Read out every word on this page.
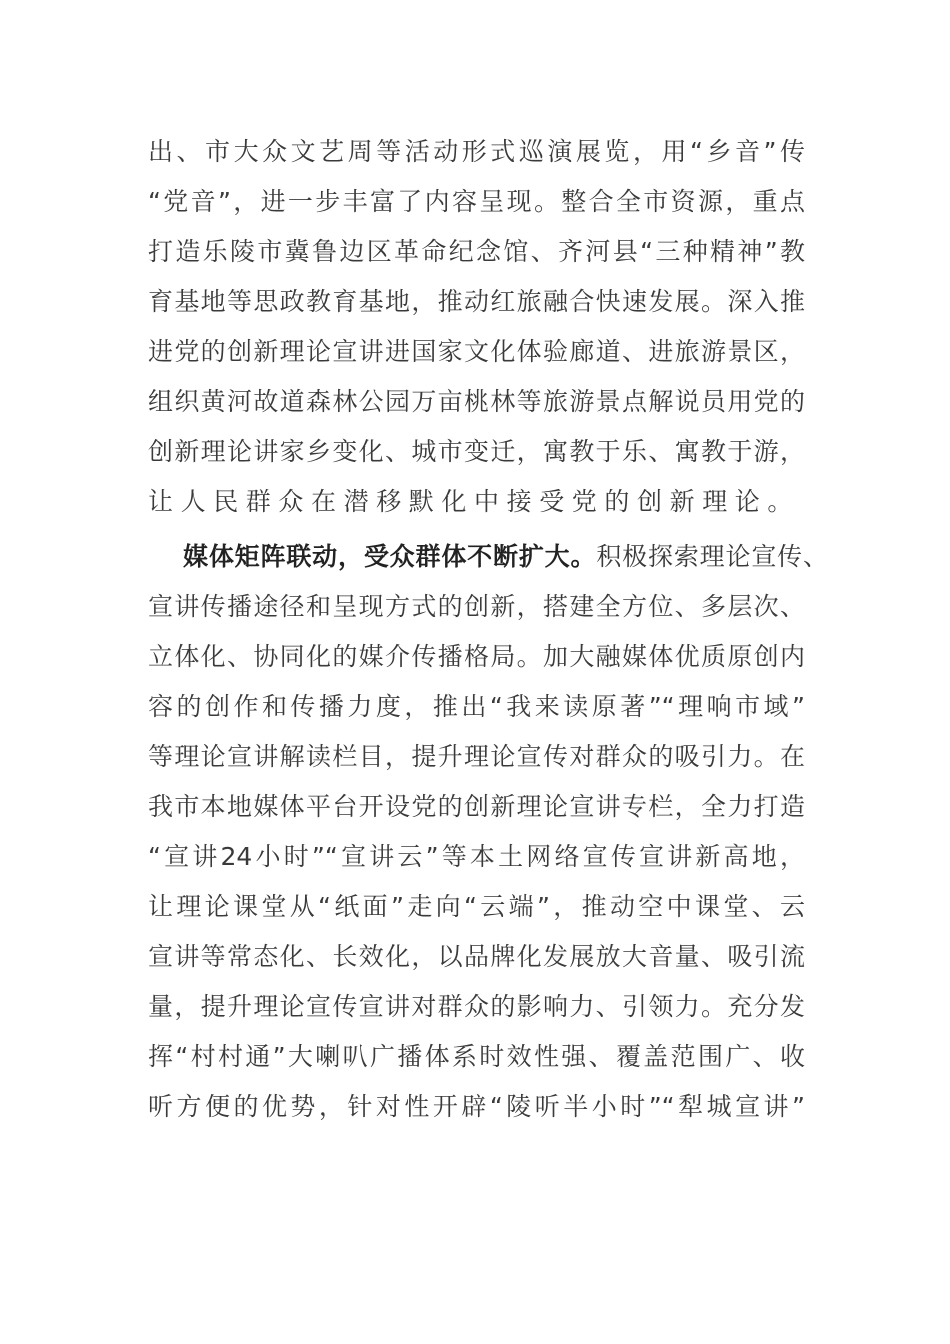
出、市大众文艺周等活动形式巡演展览，用“乡音”传
“党音”，进一步丰富了内容呈现。整合全市资源，重点
打造乐陵市冀鲁边区革命纪念馆、齐河县“三种精神”教
育基地等思政教育基地，推动红旅融合快速发展。深入推
进党的创新理论宣讲进国家文化体验廊道、进旅游景区，
组织黄河故道森林公园万亩桃林等旅游景点解说员用党的
创新理论讲家乡变化、城市变迁，寓教于乐、寓教于游，
让人民群众在潜移默化中接受党的创新理论。
媒体矩阵联动，受众群体不断扩大。积极探索理论宣传、
宣讲传播途径和呈现方式的创新，搭建全方位、多层次、
立体化、协同化的媒介传播格局。加大融媒体优质原创内
容的创作和传播力度，推出“我来读原著”“理响市域”
等理论宣讲解读栏目，提升理论宣传对群众的吸引力。在
我市本地媒体平台开设党的创新理论宣讲专栏，全力打造
“宣讲24小时”“宣讲云”等本土网络宣传宣讲新高地，
让理论课堂从“纸面”走向“云端”，推动空中课堂、云
宣讲等常态化、长效化，以品牌化发展放大音量、吸引流
量，提升理论宣传宣讲对群众的影响力、引领力。充分发
挥“村村通”大喇叭广播体系时效性强、覆盖范围广、收
听方便的优势，针对性开辟“陵听半小时”“犁城宣讲”
